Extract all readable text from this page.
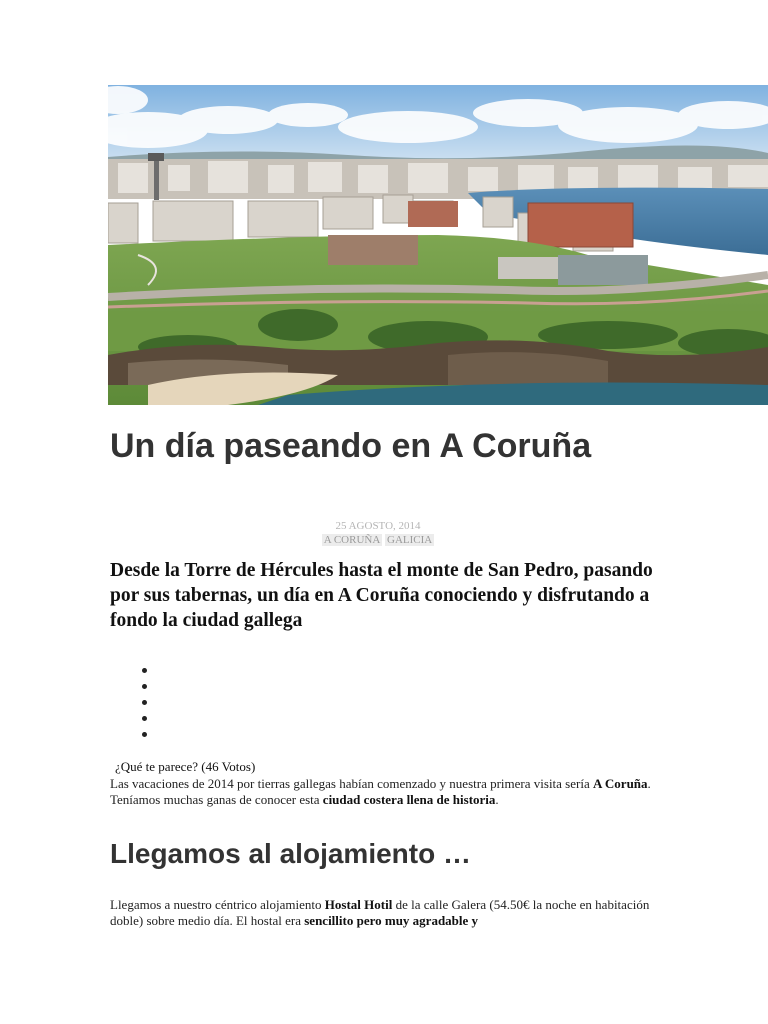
Un día paseando en A Coruña
25 AGOSTO, 2014
A CORUÑA GALICIA

Desde la Torre de Hércules hasta el monte de San Pedro, pasando por sus tabernas, un día en A Coruña conociendo y disfrutando a fondo la ciudad gallega

¿Qué te parece? (46 Votos)

Las vacaciones de 2014 por tierras gallegas habían comenzado y nuestra primera visita sería A Coruña. Teníamos muchas ganas de conocer esta ciudad costera llena de historia.

Llegamos al alojamiento …

Llegamos a nuestro céntrico alojamiento Hostal Hotil de la calle Galera (54.50€ la noche en habitación doble) sobre medio día. El hostal era sencillito pero muy agradable y
